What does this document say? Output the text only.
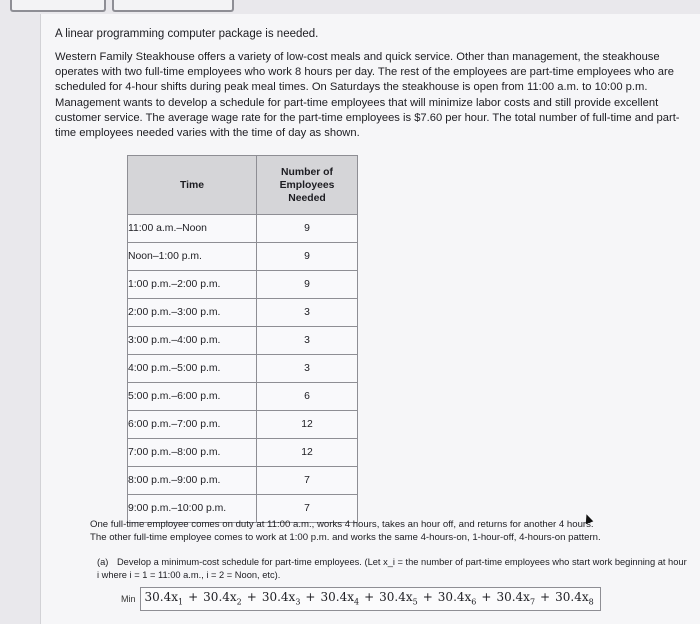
A linear programming computer package is needed.

Western Family Steakhouse offers a variety of low-cost meals and quick service. Other than management, the steakhouse operates with two full-time employees who work 8 hours per day. The rest of the employees are part-time employees who are scheduled for 4-hour shifts during peak meal times. On Saturdays the steakhouse is open from 11:00 a.m. to 10:00 p.m. Management wants to develop a schedule for part-time employees that will minimize labor costs and still provide excellent customer service. The average wage rate for the part-time employees is $7.60 per hour. The total number of full-time and part-time employees needed varies with the time of day as shown.

Time	Number of
Employees
Needed
11:00 a.m.–Noon	9
Noon–1:00 p.m.	9
1:00 p.m.–2:00 p.m.	9
2:00 p.m.–3:00 p.m.	3
3:00 p.m.–4:00 p.m.	3
4:00 p.m.–5:00 p.m.	3
5:00 p.m.–6:00 p.m.	6
6:00 p.m.–7:00 p.m.	12
7:00 p.m.–8:00 p.m.	12
8:00 p.m.–9:00 p.m.	7
9:00 p.m.–10:00 p.m.	7

One full-time employee comes on duty at 11:00 a.m., works 4 hours, takes an hour off, and returns for another 4 hours.
The other full-time employee comes to work at 1:00 p.m. and works the same 4-hours-on, 1-hour-off, 4-hours-on pattern.

(a) Develop a minimum-cost schedule for part-time employees. (Let x_i = the number of part-time employees who start work beginning at hour i where i = 1 = 11:00 a.m., i = 2 = Noon, etc).

Min $30.4x_1 + 30.4x_2 + 30.4x_3 + 30.4x_4 + 30.4x_5 + 30.4x_6 + 30.4x_7 + 30.4x_8$
